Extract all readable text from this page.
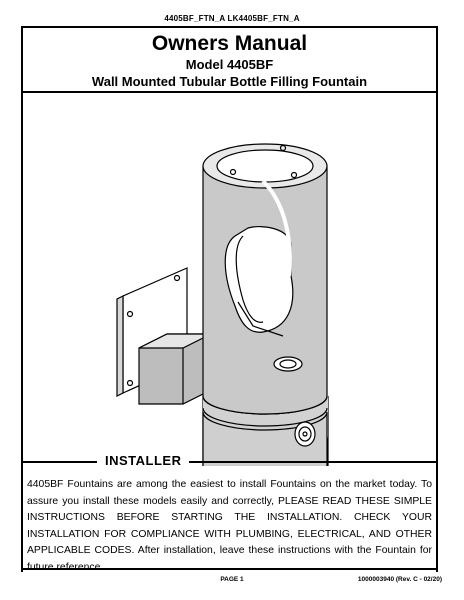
4405BF_FTN_A LK4405BF_FTN_A
Owners Manual
Model 4405BF
Wall Mounted Tubular Bottle Filling Fountain
INSTALLER
4405BF Fountains are among the easiest to install Fountains on the market today. To assure you install these models easily and correctly, PLEASE READ THESE SIMPLE INSTRUCTIONS BEFORE STARTING THE INSTALLATION. CHECK YOUR INSTALLATION FOR COMPLIANCE WITH PLUMBING, ELECTRICAL, AND OTHER APPLICABLE CODES. After installation, leave these instructions with the Fountain for future reference.
PAGE 1	1000003940 (Rev. C - 02/20)
